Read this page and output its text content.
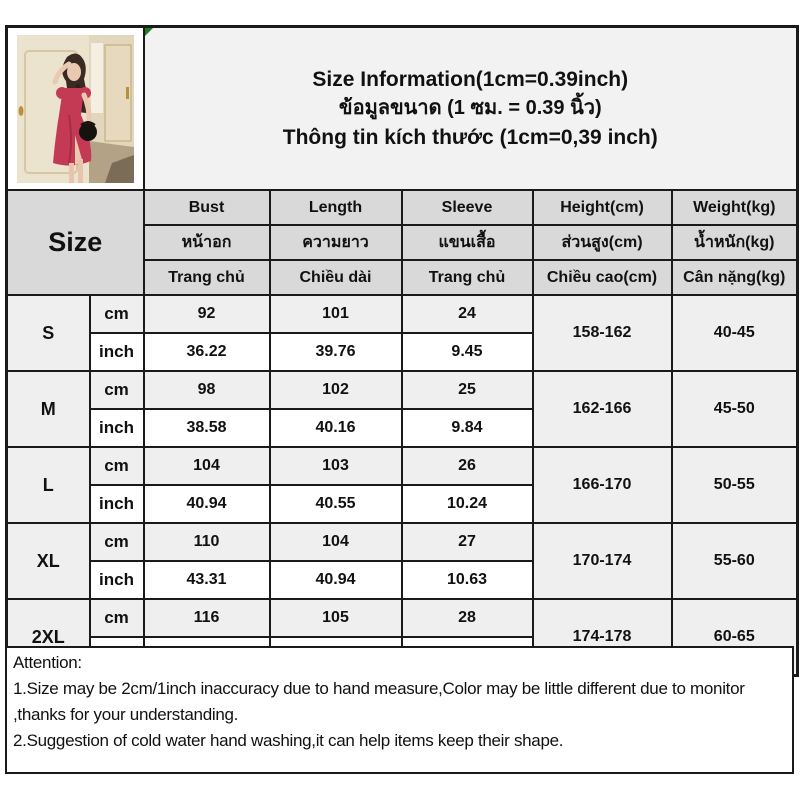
Size Information(1cm=0.39inch)
ข้อมูลขนาด (1 ซม. = 0.39 นิ้ว)
Thông tin kích thước (1cm=0,39 inch)				

Size		Bust	Length	Sleeve	Height(cm)	Weight(kg)
		หน้าอก	ความยาว	แขนเสื้อ	ส่วนสูง(cm)	น้ำหนัก(kg)
		Trang chủ	Chiều dài	Trang chủ	Chiều cao(cm)	Cân nặng(kg)
S	cm	92	101	24	158-162	40-45
	inch	36.22	39.76	9.45		
M	cm	98	102	25	162-166	45-50
	inch	38.58	40.16	9.84		
L	cm	104	103	26	166-170	50-55
	inch	40.94	40.55	10.24		
XL	cm	110	104	27	170-174	55-60
	inch	43.31	40.94	10.63		
2XL	cm	116	105	28	174-178	60-65

Attention:
1.Size may be 2cm/1inch inaccuracy due to hand measure,Color may be little different due to monitor
,thanks for your understanding.
2.Suggestion of cold water hand washing,it can help items keep their shape.
